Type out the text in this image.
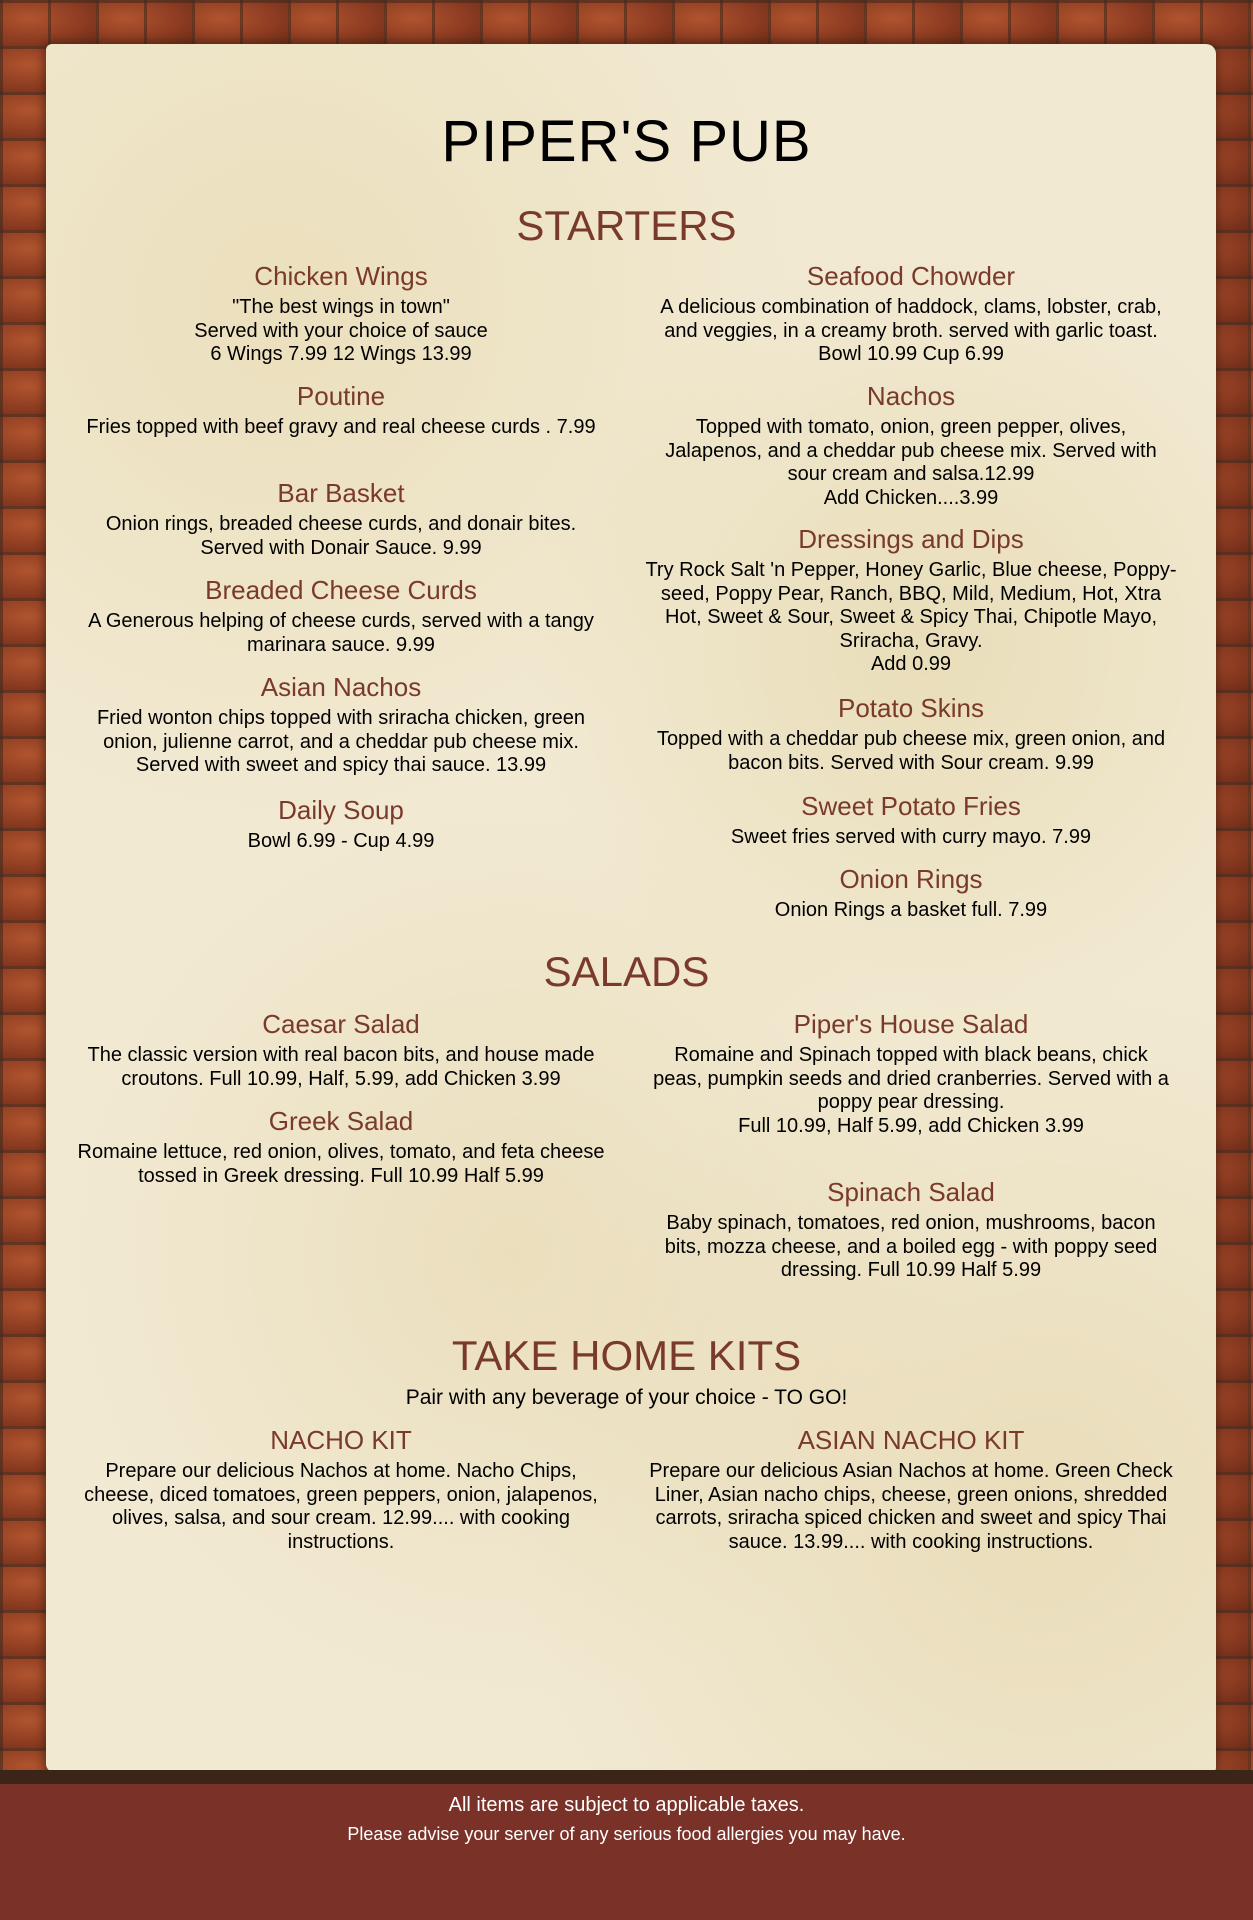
PIPER'S PUB
STARTERS
Chicken Wings
"The best wings in town"
Served with your choice of sauce
6 Wings 7.99 12 Wings 13.99
Poutine
Fries topped with beef gravy and real cheese curds . 7.99
Bar Basket
Onion rings, breaded cheese curds, and donair bites.
Served with Donair Sauce. 9.99
Breaded Cheese Curds
A Generous helping of cheese curds, served with a tangy
marinara sauce. 9.99
Asian Nachos
Fried wonton chips topped with sriracha chicken, green
onion, julienne carrot, and a cheddar pub cheese mix.
Served with sweet and spicy thai sauce. 13.99
Daily Soup
Bowl 6.99 - Cup 4.99
Seafood Chowder
A delicious combination of haddock, clams, lobster, crab,
and veggies, in a creamy broth. served with garlic toast.
Bowl 10.99 Cup 6.99
Nachos
Topped with tomato, onion, green pepper, olives,
Jalapenos, and a cheddar pub cheese mix. Served with
sour cream and salsa.12.99
Add Chicken....3.99
Dressings and Dips
Try Rock Salt 'n Pepper, Honey Garlic, Blue cheese, Poppy-
seed, Poppy Pear, Ranch, BBQ, Mild, Medium, Hot, Xtra
Hot, Sweet & Sour, Sweet & Spicy Thai, Chipotle Mayo,
Sriracha, Gravy.
Add 0.99
Potato Skins
Topped with a cheddar pub cheese mix, green onion, and
bacon bits. Served with Sour cream. 9.99
Sweet Potato Fries
Sweet fries served with curry mayo. 7.99
Onion Rings
Onion Rings a basket full. 7.99
SALADS
Caesar Salad
The classic version with real bacon bits, and house made
croutons. Full 10.99, Half, 5.99, add Chicken 3.99
Greek Salad
Romaine lettuce, red onion, olives, tomato, and feta cheese
tossed in Greek dressing. Full 10.99 Half 5.99
Piper's House Salad
Romaine and Spinach topped with black beans, chick
peas, pumpkin seeds and dried cranberries. Served with a
poppy pear dressing.
Full 10.99, Half 5.99, add Chicken 3.99
Spinach Salad
Baby spinach, tomatoes, red onion, mushrooms, bacon
bits, mozza cheese, and a boiled egg - with poppy seed
dressing. Full 10.99 Half 5.99
TAKE HOME KITS
Pair with any beverage of your choice - TO GO!
NACHO KIT
Prepare our delicious Nachos at home. Nacho Chips,
cheese, diced tomatoes, green peppers, onion, jalapenos,
olives, salsa, and sour cream. 12.99.... with cooking
instructions.
ASIAN NACHO KIT
Prepare our delicious Asian Nachos at home. Green Check
Liner, Asian nacho chips, cheese, green onions, shredded
carrots, sriracha spiced chicken and sweet and spicy Thai
sauce. 13.99.... with cooking instructions.
All items are subject to applicable taxes.
Please advise your server of any serious food allergies you may have.
